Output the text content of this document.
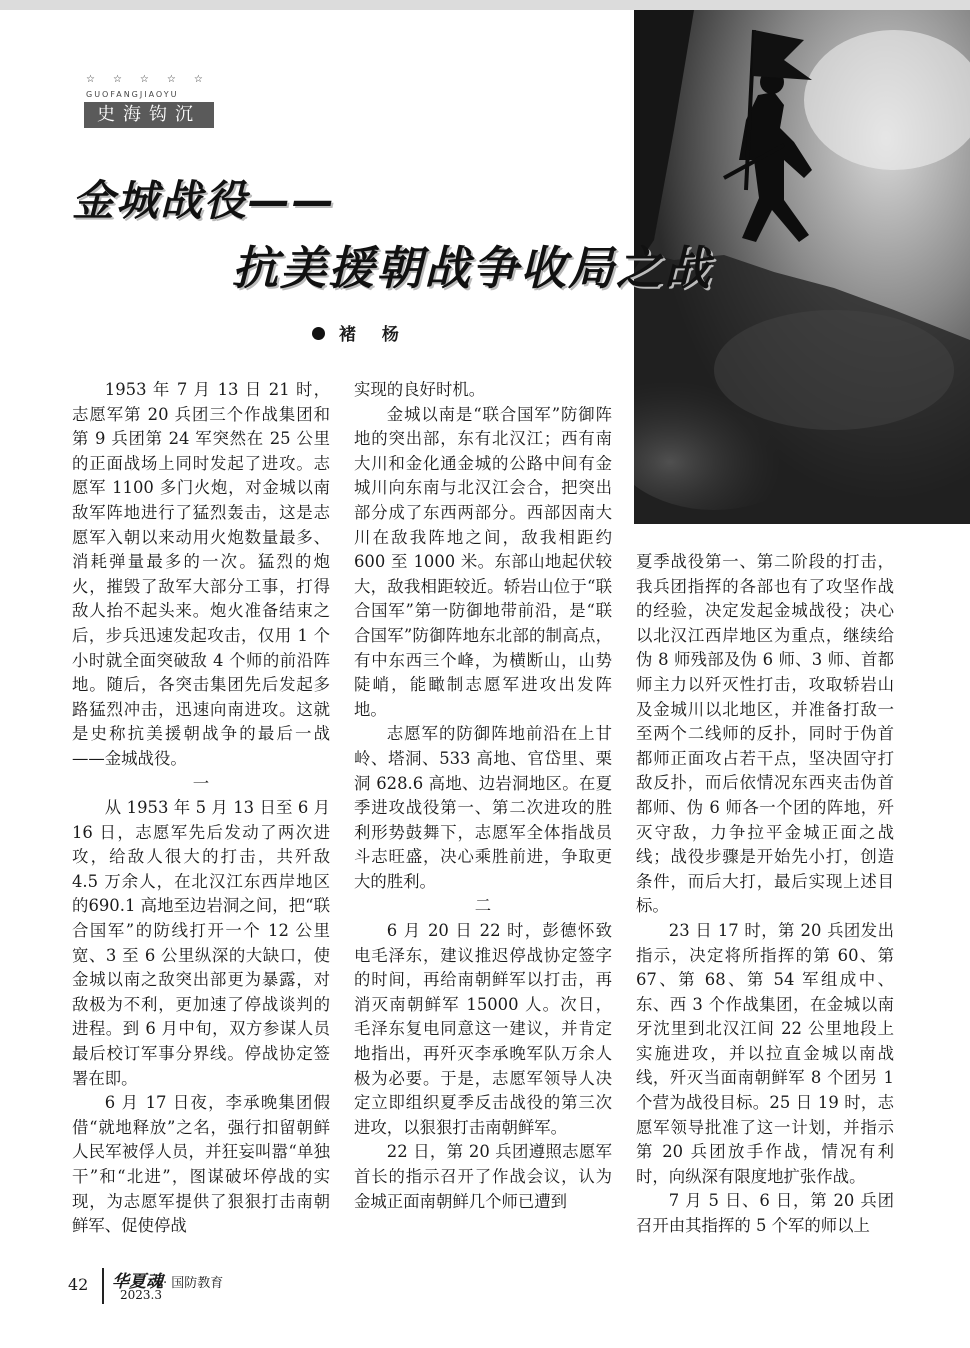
☆☆☆☆☆
GUOFANGJIAOYU
史海钩沉
金城战役——
抗美援朝战争收局之战
褚 杨

1953 年 7 月 13 日 21 时，志愿军第 20 兵团三个作战集团和第 9 兵团第 24 军突然在 25 公里的正面战场上同时发起了进攻。志愿军 1100 多门火炮，对金城以南敌军阵地进行了猛烈轰击，这是志愿军入朝以来动用火炮数量最多、消耗弹量最多的一次。猛烈的炮火，摧毁了敌军大部分工事，打得敌人抬不起头来。炮火准备结束之后，步兵迅速发起攻击，仅用 1 个小时就全面突破敌 4 个师的前沿阵地。随后，各突击集团先后发起多路猛烈冲击，迅速向南进攻。这就是史称抗美援朝战争的最后一战——金城战役。

一

从 1953 年 5 月 13 日至 6 月 16 日，志愿军先后发动了两次进攻，给敌人很大的打击，共歼敌 4.5 万余人，在北汉江东西岸地区的690.1 高地至边岩洞之间，把“联合国军”的防线打开一个 12 公里宽、3 至 6 公里纵深的大缺口，使金城以南之敌突出部更为暴露，对敌极为不利，更加速了停战谈判的进程。到 6 月中旬，双方参谋人员最后校订军事分界线。停战协定签署在即。

6 月 17 日夜，李承晚集团假借“就地释放”之名，强行扣留朝鲜人民军被俘人员，并狂妄叫嚣“单独干”和“北进”，图谋破坏停战的实现，为志愿军提供了狠狠打击南朝鲜军、促使停战

实现的良好时机。

金城以南是“联合国军”防御阵地的突出部，东有北汉江；西有南大川和金化通金城的公路中间有金城川向东南与北汉江会合，把突出部分成了东西两部分。西部因南大川在敌我阵地之间，敌我相距约 600 至 1000 米。东部山地起伏较大，敌我相距较近。轿岩山位于“联合国军”第一防御地带前沿，是“联合国军”防御阵地东北部的制高点，有中东西三个峰，为横断山，山势陡峭，能瞰制志愿军进攻出发阵地。

志愿军的防御阵地前沿在上甘岭、塔洞、533 高地、官岱里、栗洞 628.6 高地、边岩洞地区。在夏季进攻战役第一、第二次进攻的胜利形势鼓舞下，志愿军全体指战员斗志旺盛，决心乘胜前进，争取更大的胜利。

二

6 月 20 日 22 时，彭德怀致电毛泽东，建议推迟停战协定签字的时间，再给南朝鲜军以打击，再消灭南朝鲜军 15000 人。次日，毛泽东复电同意这一建议，并肯定地指出，再歼灭李承晚军队万余人极为必要。于是，志愿军领导人决定立即组织夏季反击战役的第三次进攻，以狠狠打击南朝鲜军。

22 日，第 20 兵团遵照志愿军首长的指示召开了作战会议，认为金城正面南朝鲜几个师已遭到

夏季战役第一、第二阶段的打击，我兵团指挥的各部也有了攻坚作战的经验，决定发起金城战役；决心以北汉江西岸地区为重点，继续给伪 8 师残部及伪 6 师、3 师、首都师主力以歼灭性打击，攻取轿岩山及金城川以北地区，并准备打敌一至两个二线师的反扑，同时于伪首都师正面攻占若干点，坚决固守打敌反扑，而后依情况东西夹击伪首都师、伪 6 师各一个团的阵地，歼灭守敌，力争拉平金城正面之战线；战役步骤是开始先小打，创造条件，而后大打，最后实现上述目标。

23 日 17 时，第 20 兵团发出指示，决定将所指挥的第 60、第 67、第 68、第 54 军组成中、东、西 3 个作战集团，在金城以南牙沈里到北汉江间 22 公里地段上实施进攻，并以拉直金城以南战线，歼灭当面南朝鲜军 8 个团另 1 个营为战役目标。25 日 19 时，志愿军领导批准了这一计划，并指示第 20 兵团放手作战，情况有利时，向纵深有限度地扩张作战。

7 月 5 日、6 日，第 20 兵团召开由其指挥的 5 个军的师以上

42 华夏魂· 国防教育
2023.3
